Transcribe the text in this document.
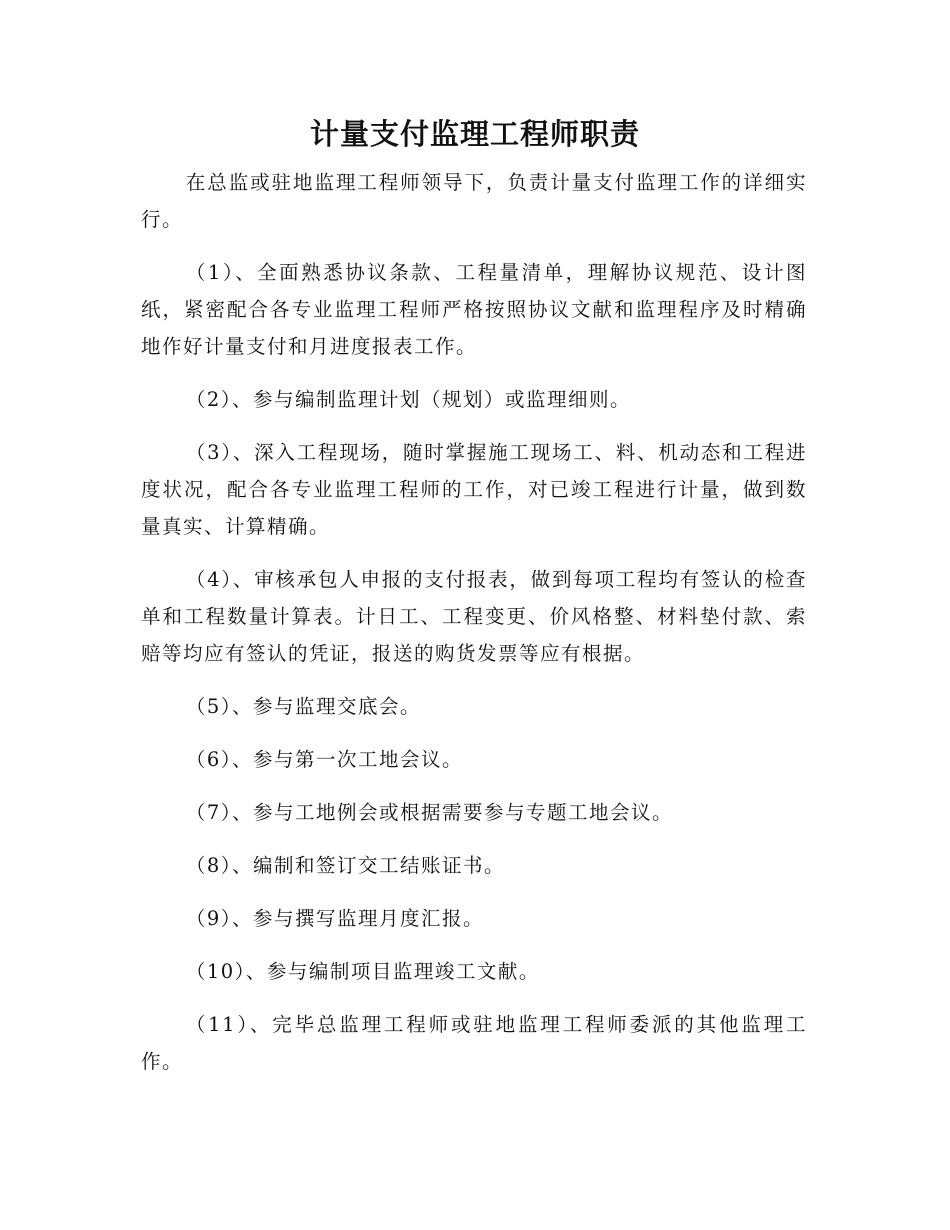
计量支付监理工程师职责

在总监或驻地监理工程师领导下，负责计量支付监理工作的详细实行。

（1）、全面熟悉协议条款、工程量清单，理解协议规范、设计图纸，紧密配合各专业监理工程师严格按照协议文献和监理程序及时精确地作好计量支付和月进度报表工作。

（2）、参与编制监理计划（规划）或监理细则。

（3）、深入工程现场，随时掌握施工现场工、料、机动态和工程进度状况，配合各专业监理工程师的工作，对已竣工程进行计量，做到数量真实、计算精确。

（4）、审核承包人申报的支付报表，做到每项工程均有签认的检查单和工程数量计算表。计日工、工程变更、价风格整、材料垫付款、索赔等均应有签认的凭证，报送的购货发票等应有根据。

（5）、参与监理交底会。

（6）、参与第一次工地会议。

（7）、参与工地例会或根据需要参与专题工地会议。

（8）、编制和签订交工结账证书。

（9）、参与撰写监理月度汇报。

（10）、参与编制项目监理竣工文献。

（11）、完毕总监理工程师或驻地监理工程师委派的其他监理工作。
